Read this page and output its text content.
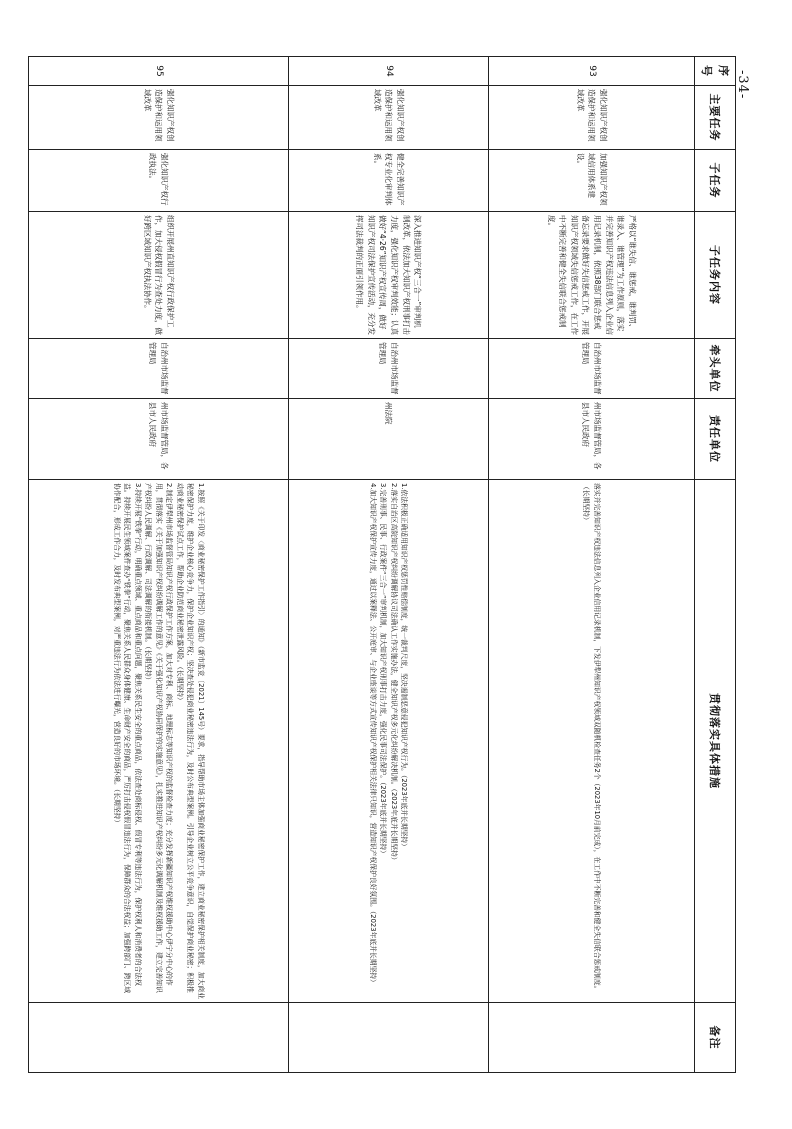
-34-
序号	主要任务	子任务	子任务内容	牵头单位	责任单位	贯彻落实具体措施	备注
93	强化知识产权创造保护和运用领域改革	加强知识产权领域信用体系建设。	严格以“谁失信、谁惩戒，谁判罚、谁录入、谁管理”为工作原则，落实并完善知识产权违法信息列入企业信用记录机制，依照38部门联合惩戒备忘录要求做好失信惩戒工作，开展知识产权领域失信惩戒工作，在工作中不断完善和健全失信联合惩戒制度。	自治州市场监督管理局	州市场监督管局，各县市人民政府	落实并完善知识产权违法信息列入企业信用记录机制，下发伊犁州知识产权领域双随机检查任务2个（2023年10月前完成），在工作中不断完善和健全失信联合惩戒制度。（长期坚持）	

94	强化知识产权创造保护和运用领域改革	健全完善知识产权专业化审判体系。	深入推进知识产权“三合一”审判机制改革，依法加大知识产权刑事打击力度，强化知识产权审判效能；认真做好“4·26”知识产权宣传周，做好知识产权司法保护宣传活动，充分发挥司法裁判的正面引领作用。	自治州市场监督管理局	州法院	1.依法积极正确适用知识产权惩罚性赔偿制度，统一裁判尺度，坚决遏制恶意侵犯知识产权行为。（2023年底并长期坚持）

2.落实自治区高院知识产权纠纷调解协议司法确认工作实施办法，健全知识产权多元化纠纷解决机制。（2023年底并长期坚持）

3.完善刑事、民事、行政案件“三合一”审判机制，加大知识产权刑事打击力度，强化民事司法保护。（2023年底并长期坚持）

4.加大知识产权保护宣传力度，通过以案释法、公开庭审、与企业座谈等方式宣传知识产权保护相关法律只知识，营造知识产权保护良好氛围。（2023年底并长期坚持）	

95	强化知识产权创造保护和运用领域改革	强化知识产权行政执法。	组织开展州直知识产权行政保护工作，加大侵权假冒行为查处力度，做好跨区域知识产权执法协作。	自治州市场监督管理局	州市场监督管局，各县市人民政府	1.按照《关于印发〈商业秘密保护工作指引〉的通知》（新市监竞〔2021〕145号）要求，指导帮助市场主体加强商业秘密保护工作，建立商业秘密保护相关制度，加大商业秘密保护力度，维护企业核心竞争力，保护企业知识产权；坚决查处侵犯商业秘密违法行为，及时公布典型案例。引导企业树立公平竞争意识，自觉保护商业秘密；积极推动商业秘密保护试点工作，帮助企业防范商业秘密泄露风险。（长期坚持）

2.制定伊犁州市场监督管局知识产权行政保护工作方案，加大对专利、商标、地理标志等知识产权的监督检查力度；充分发挥新疆知识产权维权援助中心伊宁分中心的作用，贯彻落实《关于加强知识产权纠纷调解工作的意见》《关于强化知识产权协同保护的实施意见》，扎实推进知识产权纠纷多元化调解机制及维权援助工作，建立完善知识产权纠纷人民调解、行政调解、司法调解的衔接机制。（长期坚持）

3.持续开展“铁拳”行动，明确重点领域、重点商品和重点问题，聚焦关系民生安全的重点商品，依法查处商标侵权、假冒专利等违法行为，保护权利人和消费者的合法权益。持续开展民生领域案件查办“铁拳”行动，聚焦关系人民群众身体健康、生命财产安全的商品，严厉打击侵权假冒违法行为，保障群众的合法权益；加强跨部门、跨区域协作配合，形成工作合力，及时发布典型案例，对严重违法行为依法进行曝光，营造良好的市场环境。（长期坚持）	
